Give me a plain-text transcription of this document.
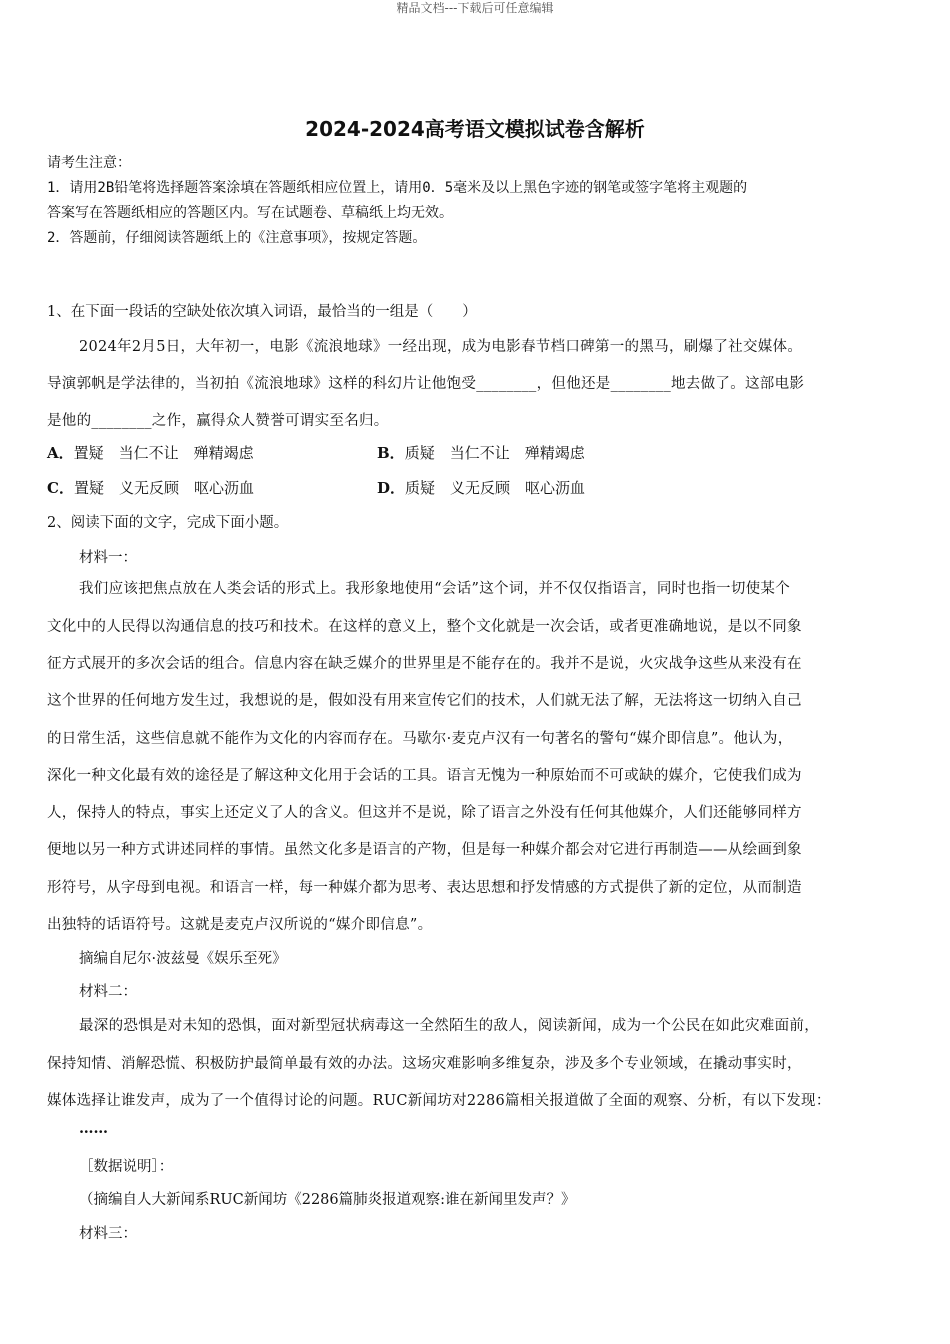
精品文档---下载后可任意编辑
2024-2024高考语文模拟试卷含解析
请考生注意：
1．请用2B铅笔将选择题答案涂填在答题纸相应位置上，请用0．5毫米及以上黑色字迹的钢笔或签字笔将主观题的
答案写在答题纸相应的答题区内。写在试题卷、草稿纸上均无效。
2．答题前，仔细阅读答题纸上的《注意事项》，按规定答题。
1、在下面一段话的空缺处依次填入词语，最恰当的一组是（　　）
2024年2月5日，大年初一，电影《流浪地球》一经出现，成为电影春节档口碑第一的黑马，刷爆了社交媒体。
导演郭帆是学法律的，当初拍《流浪地球》这样的科幻片让他饱受________，但他还是________地去做了。这部电影
是他的________之作，赢得众人赞誉可谓实至名归。
A．置疑　当仁不让　殚精竭虑	B．质疑　当仁不让　殚精竭虑
C．置疑　义无反顾　呕心沥血	D．质疑　义无反顾　呕心沥血
2、阅读下面的文字，完成下面小题。
材料一：
我们应该把焦点放在人类会话的形式上。我形象地使用“会话”这个词，并不仅仅指语言，同时也指一切使某个
文化中的人民得以沟通信息的技巧和技术。在这样的意义上，整个文化就是一次会话，或者更准确地说，是以不同象
征方式展开的多次会话的组合。信息内容在缺乏媒介的世界里是不能存在的。我并不是说，火灾战争这些从来没有在
这个世界的任何地方发生过，我想说的是，假如没有用来宣传它们的技术，人们就无法了解，无法将这一切纳入自己
的日常生活，这些信息就不能作为文化的内容而存在。马歇尔·麦克卢汉有一句著名的警句“媒介即信息”。他认为，
深化一种文化最有效的途径是了解这种文化用于会话的工具。语言无愧为一种原始而不可或缺的媒介，它使我们成为
人，保持人的特点，事实上还定义了人的含义。但这并不是说，除了语言之外没有任何其他媒介，人们还能够同样方
便地以另一种方式讲述同样的事情。虽然文化多是语言的产物，但是每一种媒介都会对它进行再制造——从绘画到象
形符号，从字母到电视。和语言一样，每一种媒介都为思考、表达思想和抒发情感的方式提供了新的定位，从而制造
出独特的话语符号。这就是麦克卢汉所说的“媒介即信息”。
摘编自尼尔·波兹曼《娱乐至死》
材料二：
最深的恐惧是对未知的恐惧，面对新型冠状病毒这一全然陌生的敌人，阅读新闻，成为一个公民在如此灾难面前，
保持知情、消解恐慌、积极防护最简单最有效的办法。这场灾难影响多维复杂，涉及多个专业领域，在撬动事实时，
媒体选择让谁发声，成为了一个值得讨论的问题。RUC新闻坊对2286篇相关报道做了全面的观察、分析，有以下发现：
……
［数据说明］：
（摘编自人大新闻系RUC新闻坊《2286篇肺炎报道观察:谁在新闻里发声？》
材料三：
